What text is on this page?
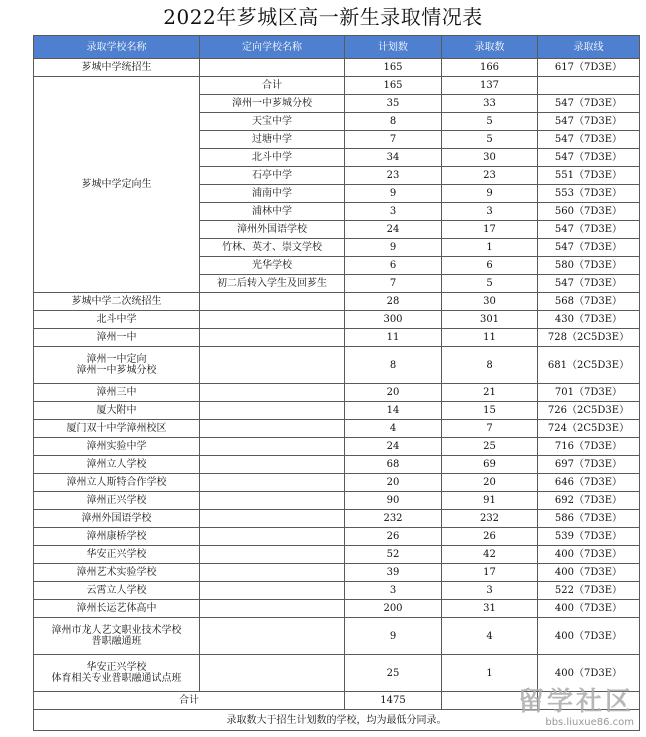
2022年芗城区高一新生录取情况表
录取学校名称	定向学校名称	计划数	录取数	录取线
芗城中学统招生		165	166	617（7D3E）
芗城中学定向生	合计	165	137	
	漳州一中芗城分校	35	33	547（7D3E）
	天宝中学	8	5	547（7D3E）
	过塘中学	7	5	547（7D3E）
	北斗中学	34	30	547（7D3E）
	石亭中学	23	23	551（7D3E）
	浦南中学	9	9	553（7D3E）
	浦林中学	3	3	560（7D3E）
	漳州外国语学校	24	17	547（7D3E）
	竹林、英才、崇文学校	9	1	547（7D3E）
	光华学校	6	6	580（7D3E）
	初二后转入学生及回芗生	7	5	547（7D3E）
芗城中学二次统招生		28	30	568（7D3E）
北斗中学		300	301	430（7D3E）
漳州一中		11	11	728（2C5D3E）

漳州一中定向
漳州一中芗城分校		8	8	681（2C5D3E）
漳州三中		20	21	701（7D3E）
厦大附中		14	15	726（2C5D3E）
厦门双十中学漳州校区		4	7	724（2C5D3E）
漳州实验中学		24	25	716（7D3E）
漳州立人学校		68	69	697（7D3E）
漳州立人斯特合作学校		20	20	646（7D3E）
漳州正兴学校		90	91	692（7D3E）
漳州外国语学校		232	232	586（7D3E）
漳州康桥学校		26	26	539（7D3E）
华安正兴学校		52	42	400（7D3E）
漳州艺术实验学校		39	17	400（7D3E）
云霄立人学校		3	3	522（7D3E）
漳州长运艺体高中		200	31	400（7D3E）

漳州市龙人艺文职业技术学校
普职融通班		9	4	400（7D3E）

华安正兴学校
体育相关专业普职融通试点班		25	1	400（7D3E）
合计		1475		
录取数大于招生计划数的学校，均为最低分同录。				
留学社区
bbs.liuxue86.com
